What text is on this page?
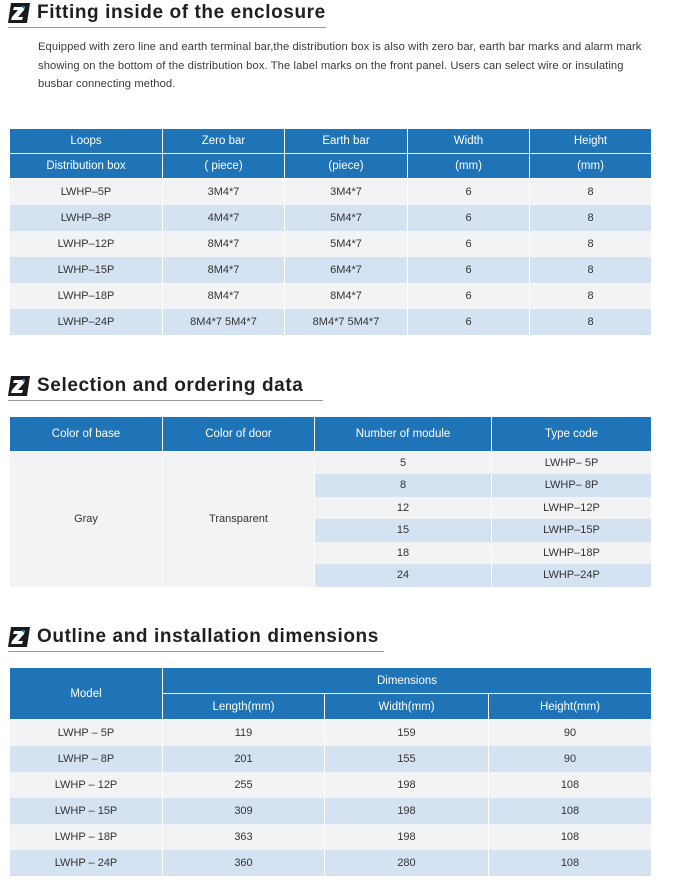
Fitting inside of the enclosure
Equipped with zero line and earth terminal bar,the distribution box is also with zero bar, earth bar marks and alarm mark showing on the bottom of the distribution box. The label marks on the front panel. Users can select wire or insulating busbar connecting method.
Loops	Zero bar	Earth bar	Width	Height
Distribution box	( piece)	(piece)	(mm)	(mm)
LWHP–5P	3M4*7	3M4*7	6	8
LWHP–8P	4M4*7	5M4*7	6	8
LWHP–12P	8M4*7	5M4*7	6	8
LWHP–15P	8M4*7	6M4*7	6	8
LWHP–18P	8M4*7	8M4*7	6	8
LWHP–24P	8M4*7 5M4*7	8M4*7 5M4*7	6	8
Selection and ordering data
Color of base	Color of door	Number of module	Type code
Gray	Transparent	5	LWHP– 5P
		8	LWHP– 8P
		12	LWHP–12P
		15	LWHP–15P
		18	LWHP–18P
		24	LWHP–24P
Outline and installation dimensions
Model	Dimensions		
	Length(mm)	Width(mm)	Height(mm)
LWHP – 5P	119	159	90
LWHP – 8P	201	155	90
LWHP – 12P	255	198	108
LWHP – 15P	309	198	108
LWHP – 18P	363	198	108
LWHP – 24P	360	280	108
